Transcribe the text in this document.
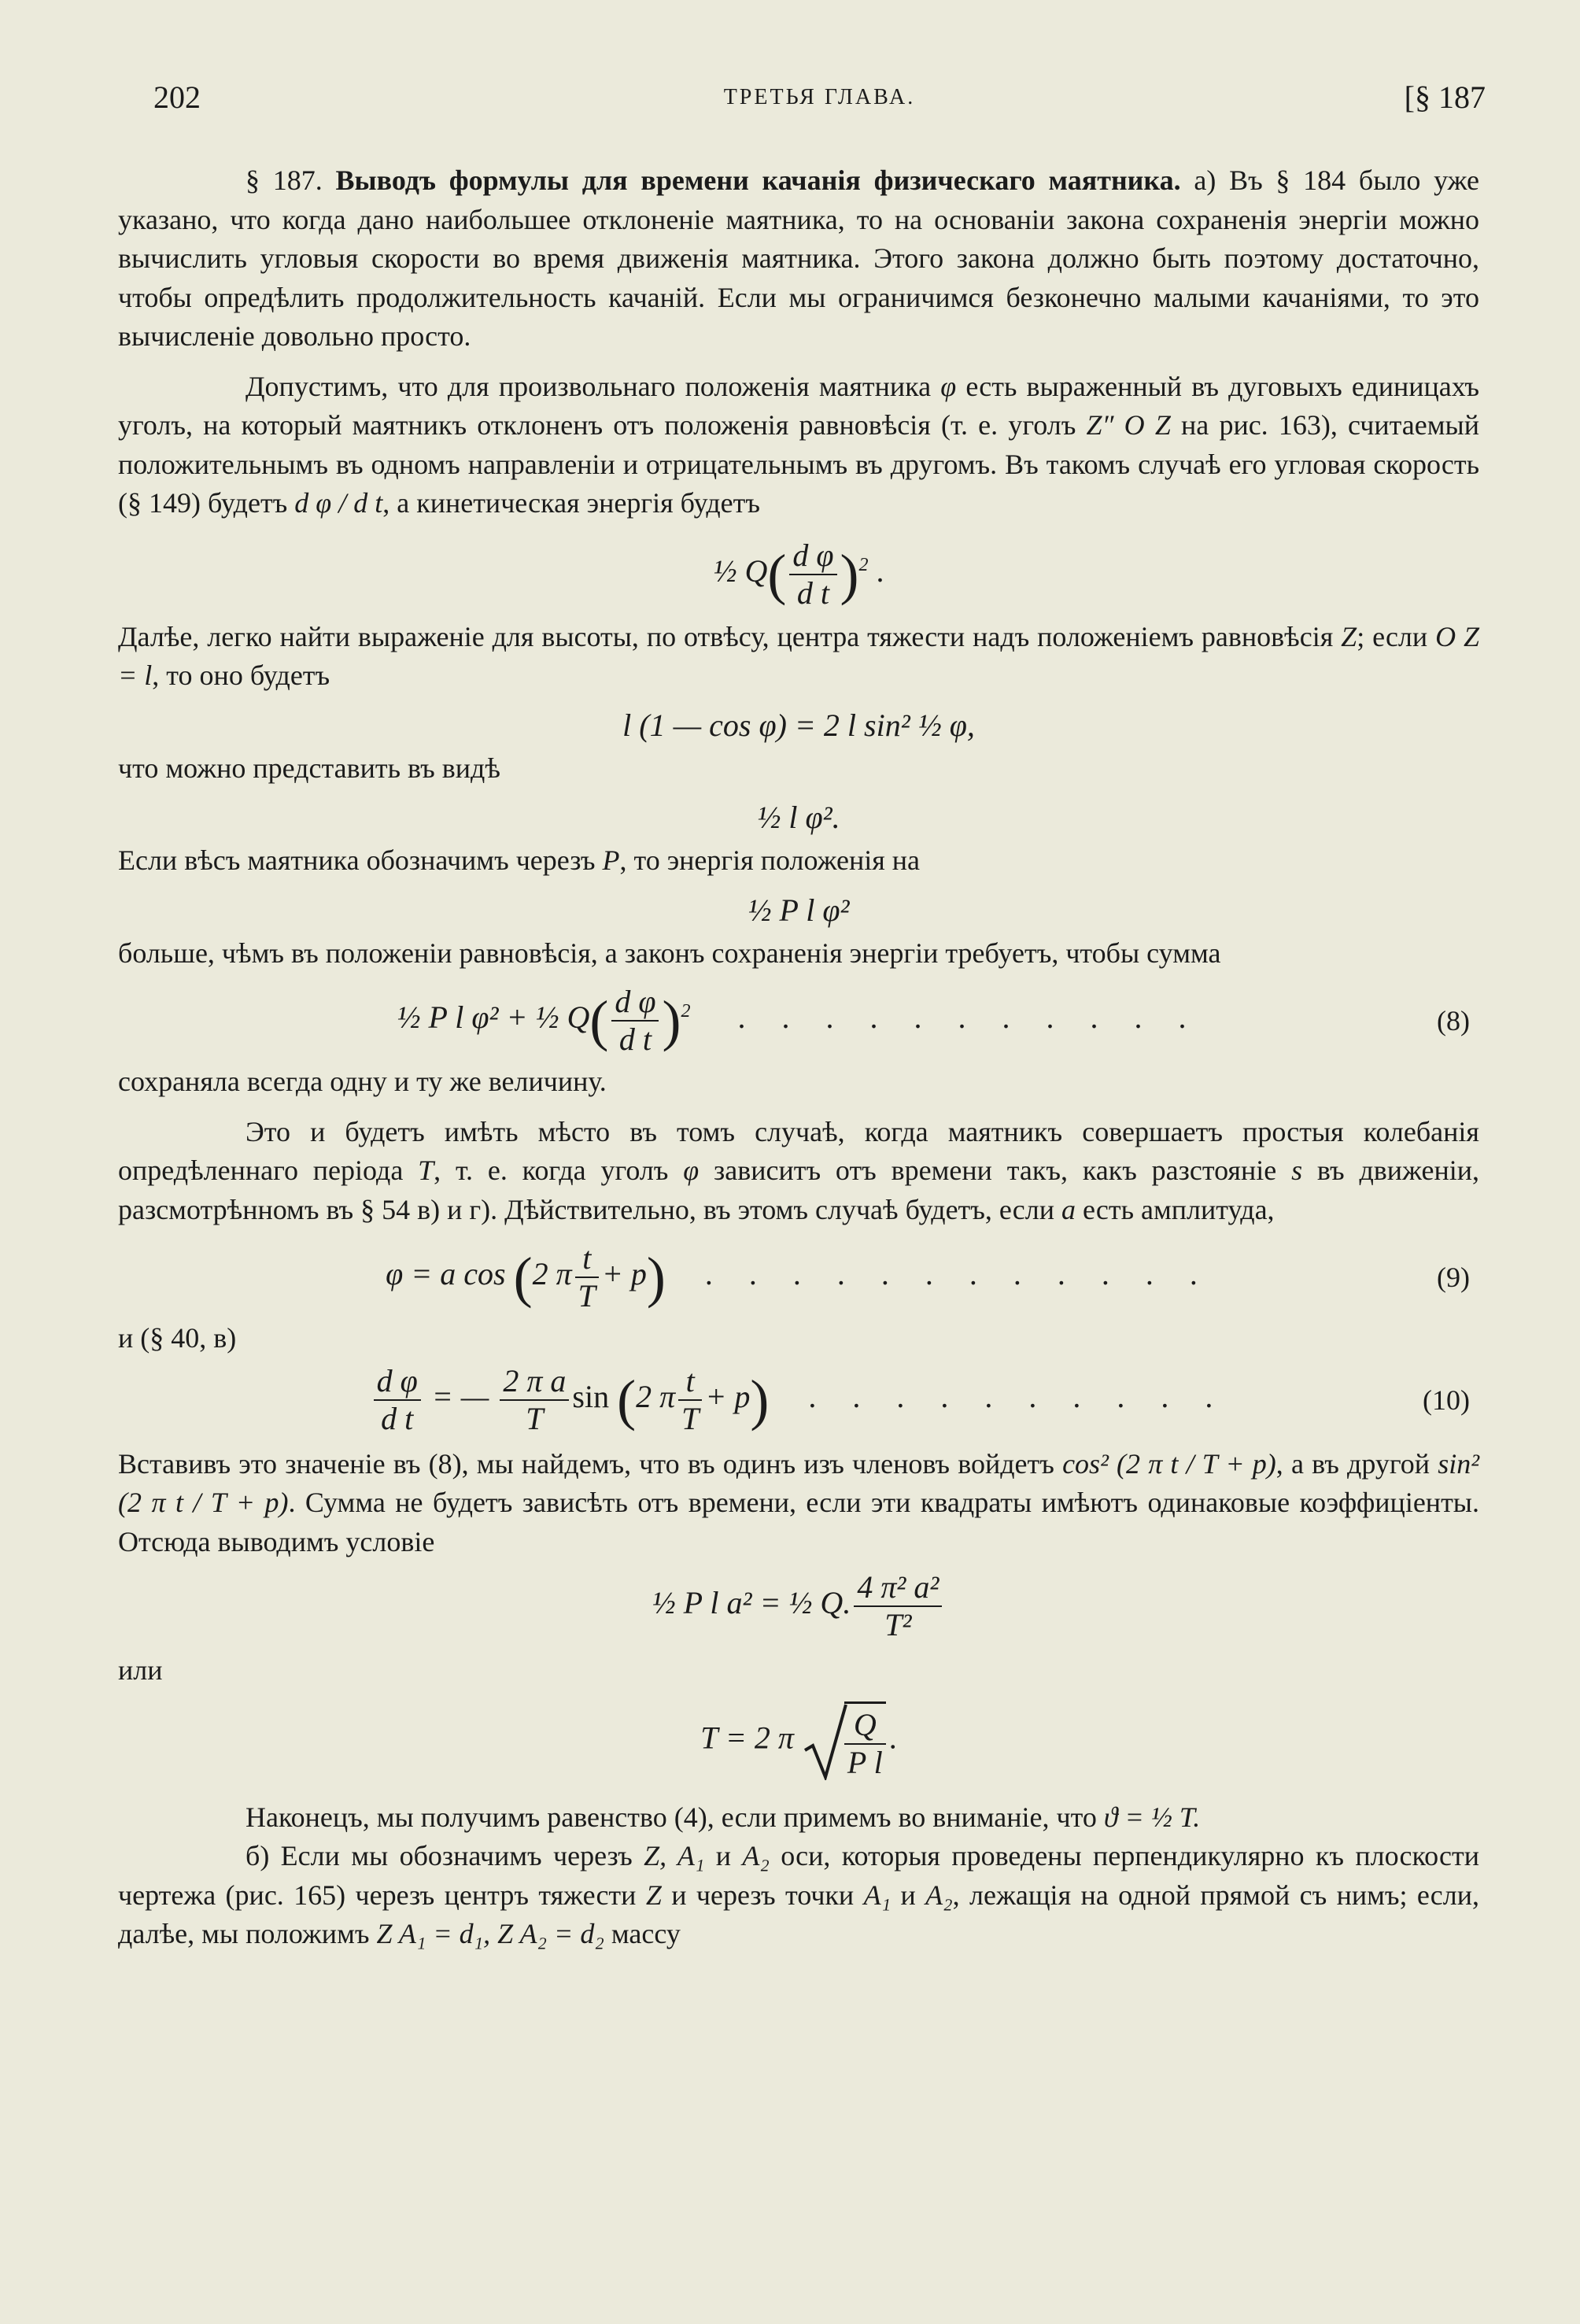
202	ТРЕТЬЯ ГЛАВА.	[§ 187

§ 187. Выводъ формулы для времени качанія физическаго маятника. a) Въ § 184 было уже указано, что когда дано наибольшее отклоненіе маятника, то на основаніи закона сохраненія энергіи можно вычислить угловыя скорости во время движенія маятника. Этого закона должно быть поэтому достаточно, чтобы опредѣлить продолжительность качаній. Если мы ограничимся безконечно малыми качаніями, то это вычисленіе довольно просто.

Допустимъ, что для произвольнаго положенія маятника φ есть выраженный въ дуговыхъ единицахъ уголъ, на который маятникъ отклоненъ отъ положенія равновѣсія (т. е. уголъ Z″ O Z на рис. 163), считаемый положительнымъ въ одномъ направленіи и отрицательнымъ въ другомъ. Въ такомъ случаѣ его угловая скорость (§ 149) будетъ d φ / d t, а кинетическая энергія будетъ

½ $Q( \frac{\text{d φ}}{\text{d t}} )^2$ .

Далѣе, легко найти выраженіе для высоты, по отвѣсу, центра тяжести надъ положеніемъ равновѣсія Z; если O Z = l, то оно будетъ

l (1 — cos φ) = 2 l sin² ½ φ,

что можно представить въ видѣ

½ l φ².

Если вѣсъ маятника обозначимъ черезъ P, то энергія положенія на

½ P l φ²

больше, чѣмъ въ положеніи равновѣсія, а законъ сохраненія энергіи требуетъ, чтобы сумма

½ P l φ² + ½ $Q( \frac{\text{d φ}}{\text{d t}} )^2$ . . . . . . . . . . .	(8)

сохраняла всегда одну и ту же величину.

Это и будетъ имѣть мѣсто въ томъ случаѣ, когда маятникъ совершаетъ простыя колебанія опредѣленнаго періода T, т. е. когда уголъ φ зависитъ отъ времени такъ, какъ разстояніе s въ движеніи, разсмотрѣнномъ въ § 54 в) и г). Дѣйствительно, въ этомъ случаѣ будетъ, если a есть амплитуда,

φ = a cos (2 π $\frac{t}{T} + p$) . . . . . . . . . . . .	(9)

и (§ 40, в)

$\frac{\text{d φ}}{\text{d t}}$ = — $\frac{\text{2 π a}}{T}$ sin (2 π $\frac{t}{T} + p$) . . . . . . . . . .	(10)

Вставивъ это значеніе въ (8), мы найдемъ, что въ одинъ изъ членовъ войдетъ cos² (2 π t / T + p), а въ другой sin² (2 π t / T + p). Сумма не будетъ зависѣть отъ времени, если эти квадраты имѣютъ одинаковые коэффиціенты. Отсюда выводимъ условіе

½ P l a² = ½ Q. $\frac{\text{4 π² a²}}{\text{T²}}$

или

T = 2 π $\frac{Q}{\text{P l}}$ .

Наконецъ, мы получимъ равенство (4), если примемъ во вниманіе, что ϑ = ½ T.

б) Если мы обозначимъ черезъ Z, A₁ и A₂ оси, которыя проведены перпендикулярно къ плоскости чертежа (рис. 165) черезъ центръ тяжести Z и черезъ точки A₁ и A₂, лежащія на одной прямой съ нимъ; если, далѣе, мы положимъ Z A₁ = d₁, Z A₂ = d₂ массу
